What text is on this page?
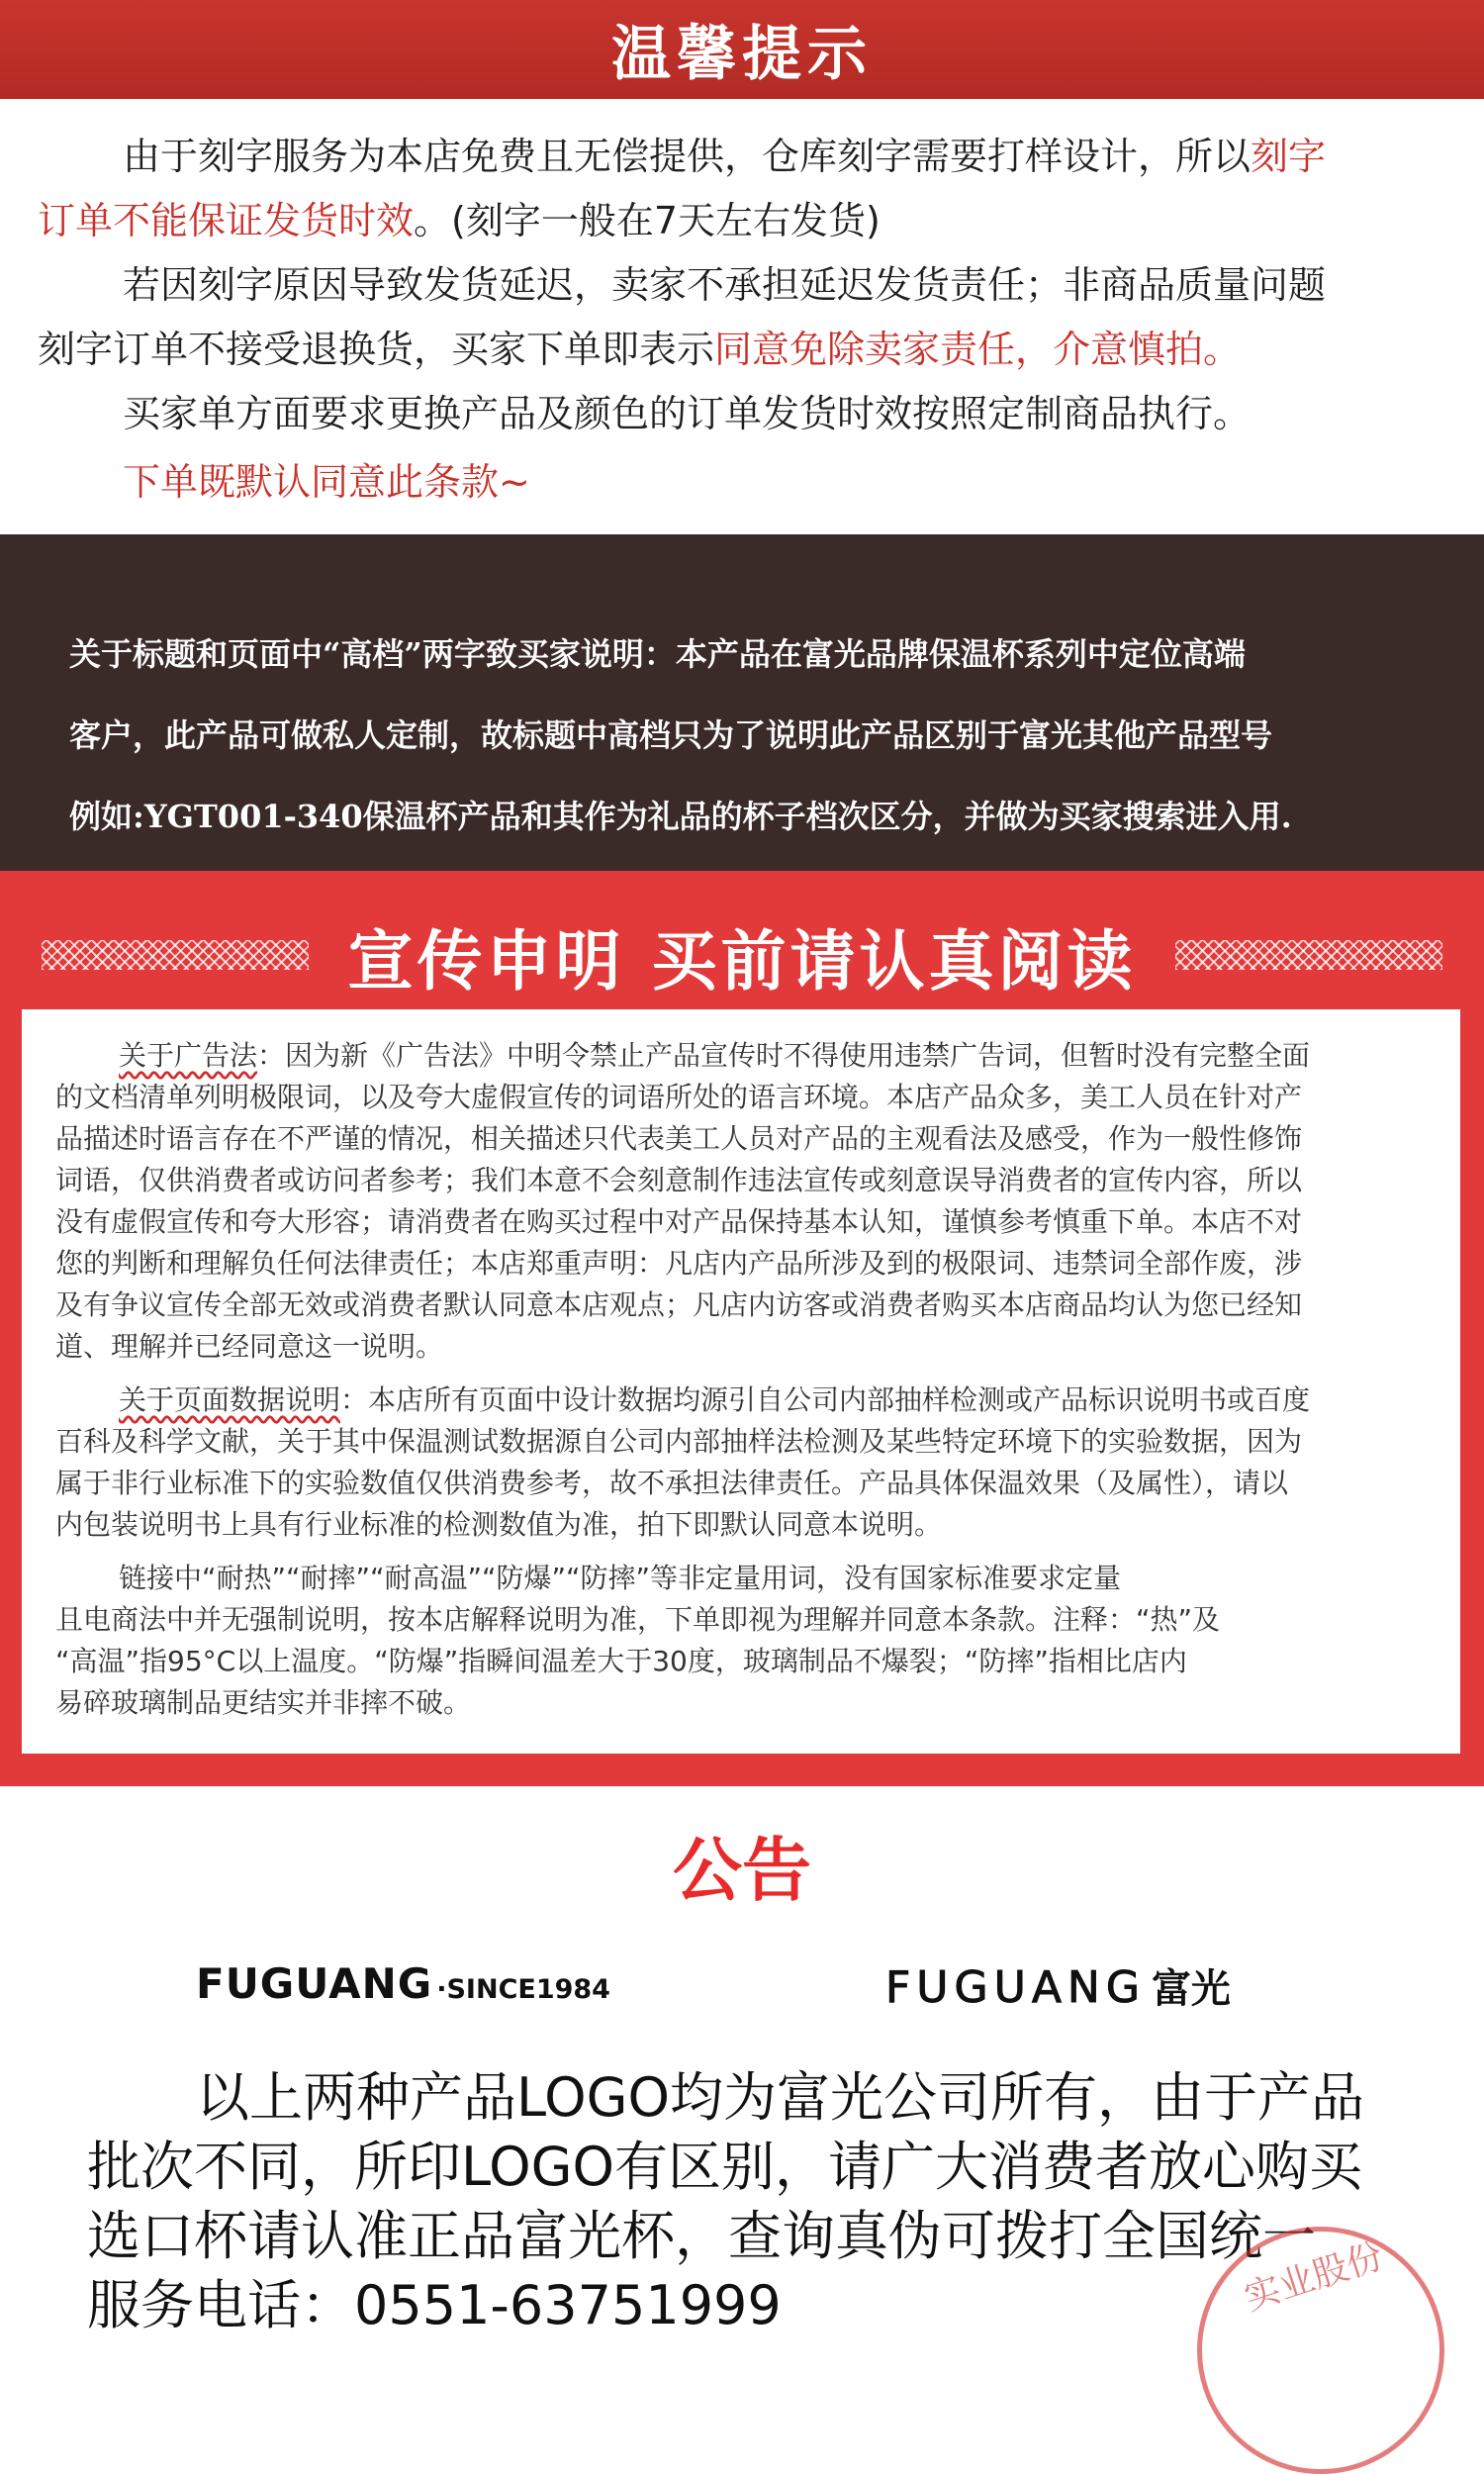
温馨提示

由于刻字服务为本店免费且无偿提供，仓库刻字需要打样设计，所以刻字

订单不能保证发货时效。(刻字一般在7天左右发货)

若因刻字原因导致发货延迟，卖家不承担延迟发货责任；非商品质量问题

刻字订单不接受退换货，买家下单即表示同意免除卖家责任，介意慎拍。

买家单方面要求更换产品及颜色的订单发货时效按照定制商品执行。

下单既默认同意此条款~

关于标题和页面中“高档”两字致买家说明：本产品在富光品牌保温杯系列中定位高端

客户，此产品可做私人定制，故标题中高档只为了说明此产品区别于富光其他产品型号

例如:YGT001-340保温杯产品和其作为礼品的杯子档次区分，并做为买家搜索进入用.

宣传申明 买前请认真阅读

关于广告法：因为新《广告法》中明令禁止产品宣传时不得使用违禁广告词，但暂时没有完整全面

的文档清单列明极限词，以及夸大虚假宣传的词语所处的语言环境。本店产品众多，美工人员在针对产

品描述时语言存在不严谨的情况，相关描述只代表美工人员对产品的主观看法及感受，作为一般性修饰

词语，仅供消费者或访问者参考；我们本意不会刻意制作违法宣传或刻意误导消费者的宣传内容，所以

没有虚假宣传和夸大形容；请消费者在购买过程中对产品保持基本认知，谨慎参考慎重下单。本店不对

您的判断和理解负任何法律责任；本店郑重声明：凡店内产品所涉及到的极限词、违禁词全部作废，涉

及有争议宣传全部无效或消费者默认同意本店观点；凡店内访客或消费者购买本店商品均认为您已经知

道、理解并已经同意这一说明。

关于页面数据说明：本店所有页面中设计数据均源引自公司内部抽样检测或产品标识说明书或百度

百科及科学文献，关于其中保温测试数据源自公司内部抽样法检测及某些特定环境下的实验数据，因为

属于非行业标准下的实验数值仅供消费参考，故不承担法律责任。产品具体保温效果（及属性），请以

内包装说明书上具有行业标准的检测数值为准，拍下即默认同意本说明。

链接中“耐热”“耐摔”“耐高温”“防爆”“防摔”等非定量用词，没有国家标准要求定量

且电商法中并无强制说明，按本店解释说明为准，下单即视为理解并同意本条款。注释：“热”及

“高温”指95°C以上温度。“防爆”指瞬间温差大于30度，玻璃制品不爆裂；“防摔”指相比店内

易碎玻璃制品更结实并非摔不破。

公告
FUGUANG ·SINCE1984	FUGUANG 富光

以上两种产品LOGO均为富光公司所有，由于产品

批次不同，所印LOGO有区别，请广大消费者放心购买

选口杯请认准正品富光杯，查询真伪可拨打全国统一

服务电话：0551-63751999	实业股份
